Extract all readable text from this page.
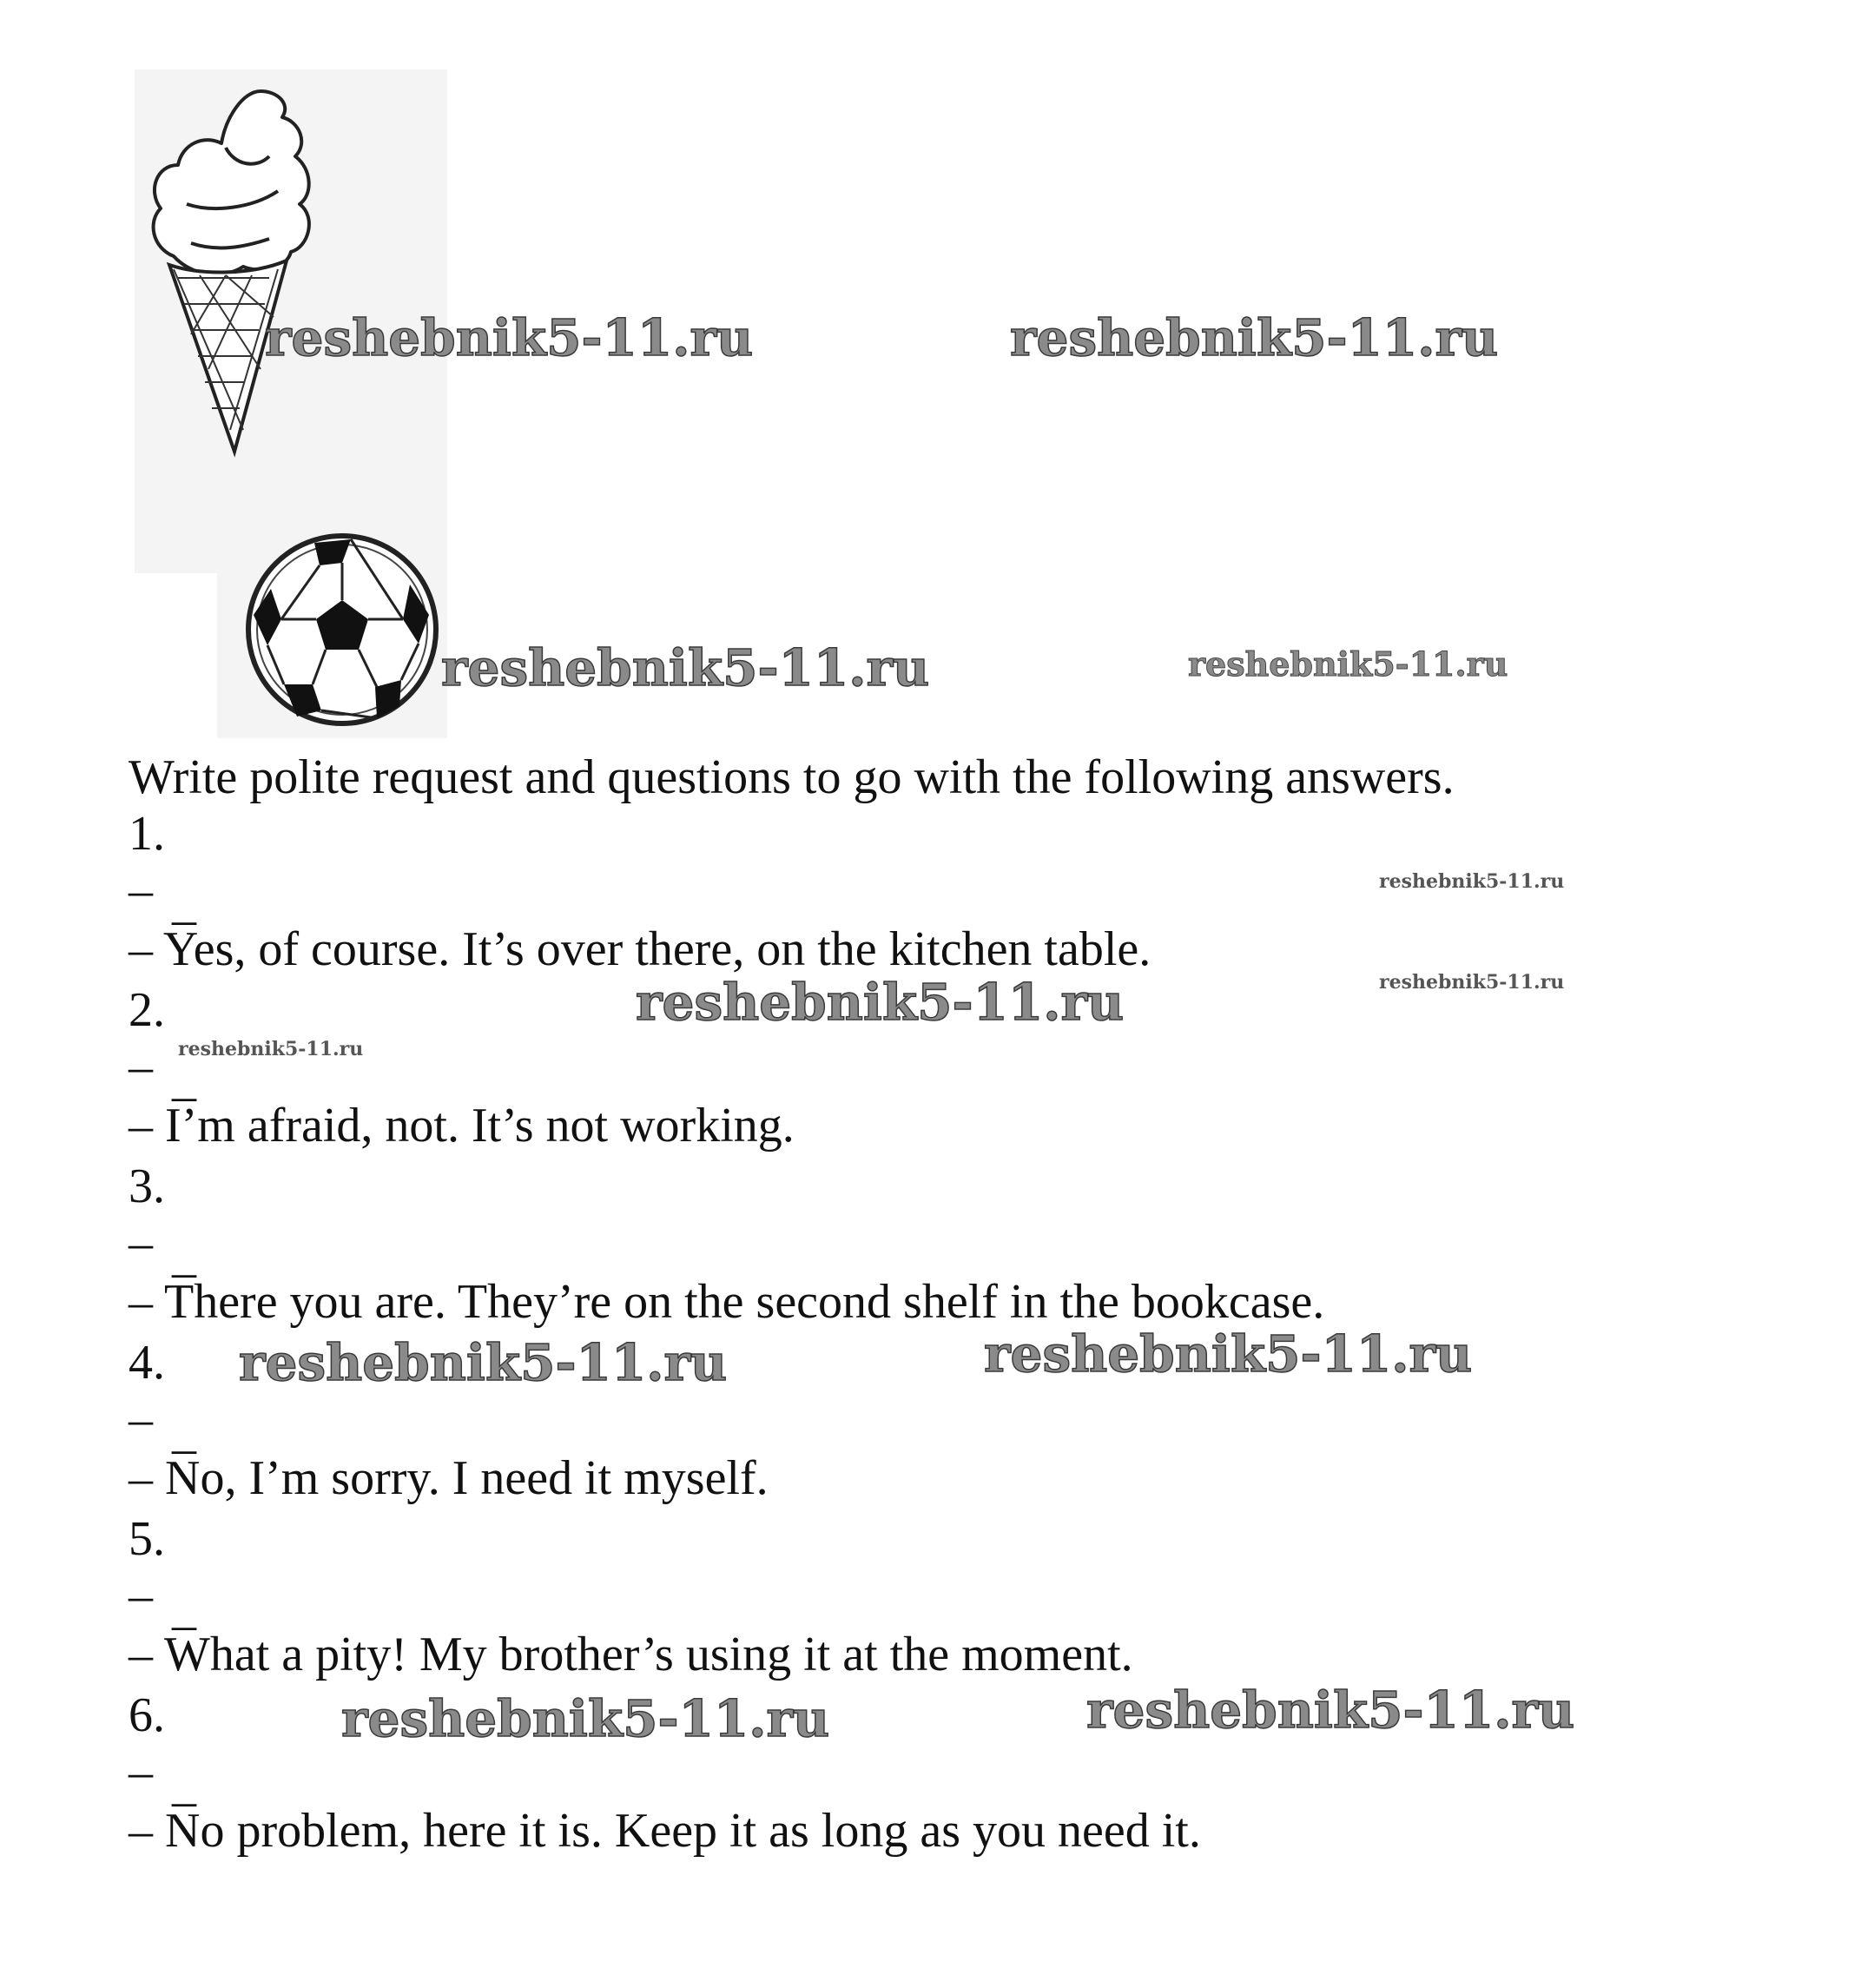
reshebnik5-11.ru	reshebnik5-11.ru
reshebnik5-11.ru	reshebnik5-11.ru
reshebnik5-11.ru
reshebnik5-11.ru
reshebnik5-11.ru
reshebnik5-11.ru
reshebnik5-11.ru	reshebnik5-11.ru
reshebnik5-11.ru	reshebnik5-11.ru
Write polite request and questions to go with the following answers.
1.
– _
– Yes, of course. It’s over there, on the kitchen table.
2.
– _
– I’m afraid, not. It’s not working.
3.
– _
– There you are. They’re on the second shelf in the bookcase.
4.
– _
– No, I’m sorry. I need it myself.
5.
– _
– What a pity! My brother’s using it at the moment.
6.
– _
– No problem, here it is. Keep it as long as you need it.
